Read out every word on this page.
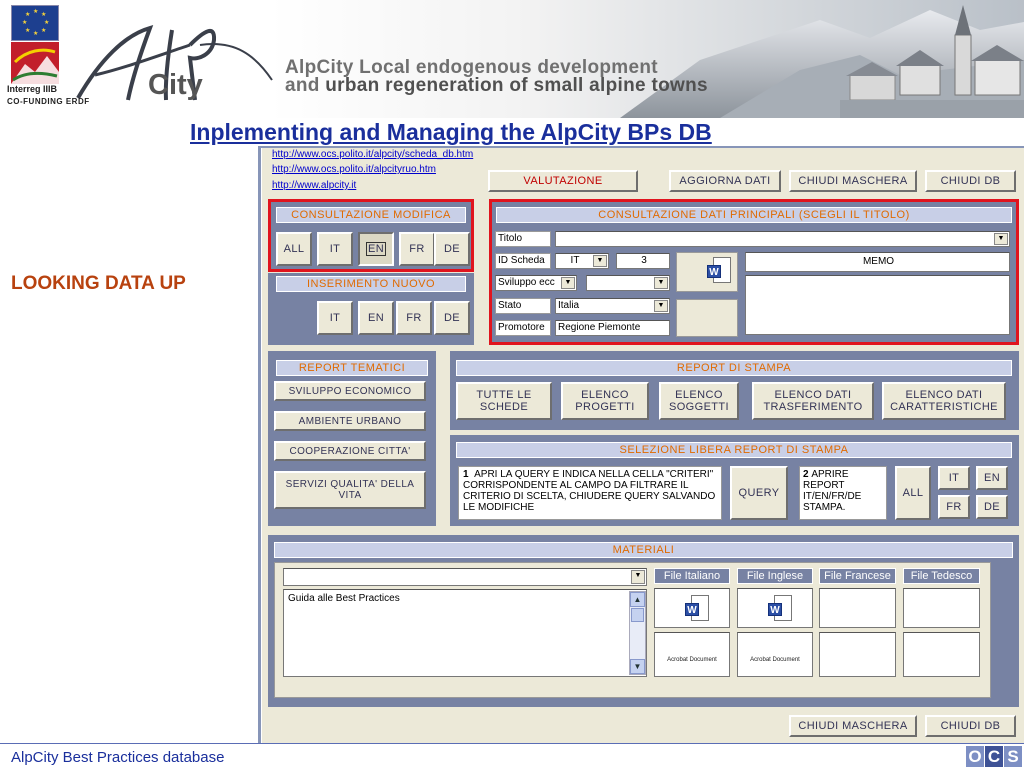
★ ★
★
★
★
★
★
★
Interreg IIIB
CO-FUNDING ERDF
City
AlpCity Local endogenous development
and urban regeneration of small alpine towns
Inplementing and Managing the AlpCity BPs DB
LOOKING DATA UP
http://www.ocs.polito.it/alpcity/scheda_db.htm
http://www.ocs.polito.it/alpcityruo.htm
http://www.alpcity.it	VALUTAZIONE	AGGIORNA DATI	CHIUDI MASCHERA	CHIUDI DB
CONSULTAZIONE MODIFICA
ALL	IT	EN	FR	DE
INSERIMENTO NUOVO
IT	EN	FR	DE
CONSULTAZIONE DATI PRINCIPALI (SCEGLI IL TITOLO)
Titolo	▼
ID Scheda	IT	▼	3
Sviluppo ecc	▼	▼
Stato	Italia	▼
Promotore	Regione Piemonte
W
MEMO
REPORT TEMATICI
SVILUPPO ECONOMICO
AMBIENTE URBANO
COOPERAZIONE CITTA'
SERVIZI QUALITA' DELLA VITA
REPORT DI STAMPA
TUTTE LE SCHEDE
ELENCO PROGETTI
ELENCO SOGGETTI
ELENCO DATI TRASFERIMENTO
ELENCO DATI CARATTERISTICHE
SELEZIONE LIBERA REPORT DI STAMPA
1 APRI LA QUERY E INDICA NELLA CELLA "CRITERI" CORRISPONDENTE AL CAMPO DA FILTRARE IL CRITERIO DI SCELTA, CHIUDERE QUERY SALVANDO LE MODIFICHE
QUERY
2 APRIRE REPORT IT/EN/FR/DE STAMPA.
ALL
IT	EN
FR	DE
MATERIALI
▼
Guida alle Best Practices	▲
▼
File Italiano	File Inglese	File Francese	File Tedesco
W	W
Acrobat Document	Acrobat Document
CHIUDI MASCHERA	CHIUDI DB
AlpCity Best Practices database	O C S
